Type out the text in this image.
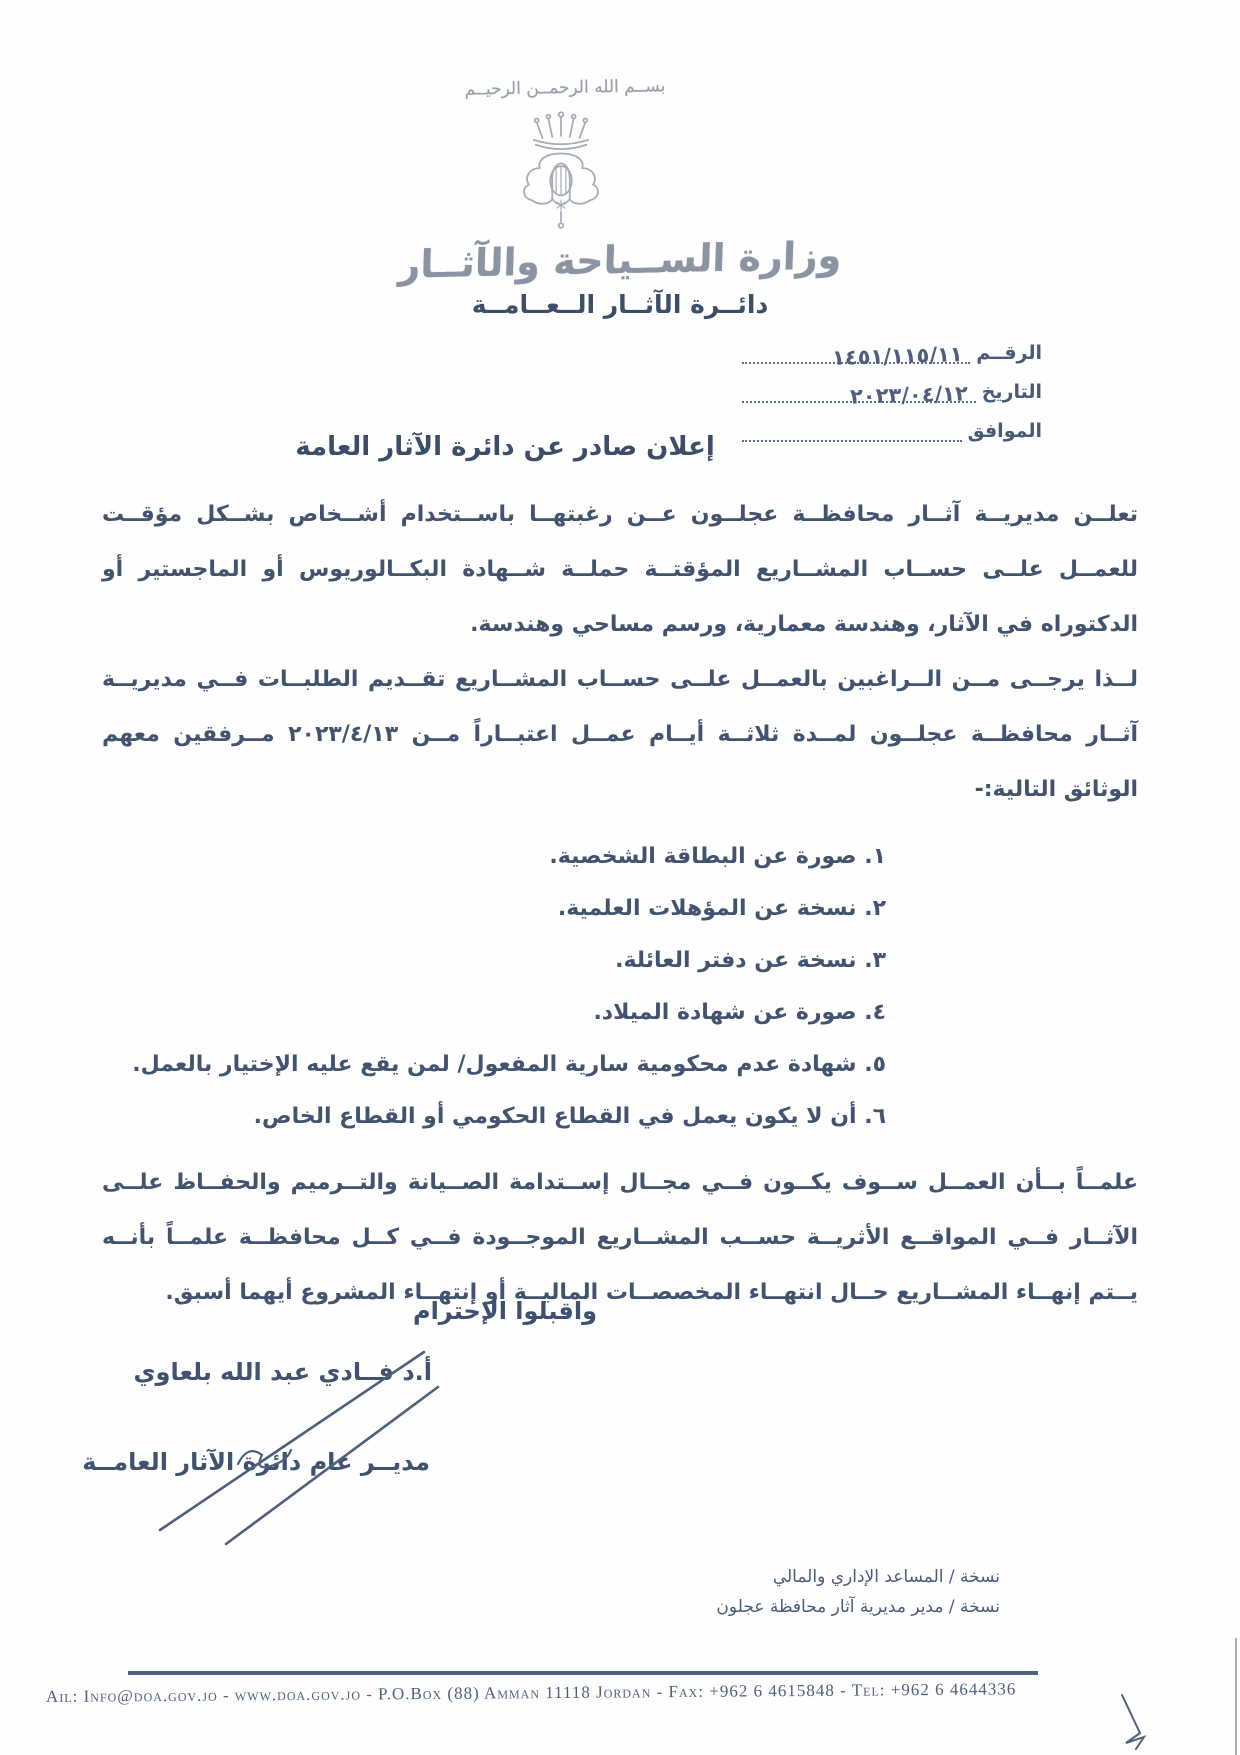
بســم الله الرحمــن الرحيــم
وزارة الســياحة والآثــار
دائــرة الآثــار الــعــامــة
الرقــم
١٤٥١/١١٥/١١
التاريخ
٢٠٢٣/٠٤/١٢
الموافق
إعلان صادر عن دائرة الآثار العامة

تعلــن مديريــة آثــار محافظــة عجلــون عــن رغبتهــا باســتخدام أشــخاص بشــكل مؤقــت للعمــل علــى حســاب المشــاريع المؤقتــة حملــة شــهادة البكــالوريوس أو الماجستير أو الدكتوراه في الآثار، وهندسة معمارية، ورسم مساحي وهندسة.

لــذا يرجــى مــن الــراغبين بالعمــل علــى حســاب المشــاريع تقــديم الطلبــات فــي مديريــة آثــار محافظــة عجلــون لمــدة ثلاثــة أيــام عمــل اعتبــاراً مــن ٢٠٢٣/٤/١٣ مــرفقين معهم الوثائق التالية:-

١. صورة عن البطاقة الشخصية.
٢. نسخة عن المؤهلات العلمية.
٣. نسخة عن دفتر العائلة.
٤. صورة عن شهادة الميلاد.
٥. شهادة عدم محكومية سارية المفعول/ لمن يقع عليه الإختيار بالعمل.
٦. أن لا يكون يعمل في القطاع الحكومي أو القطاع الخاص.

علمــاً بــأن العمــل ســوف يكــون فــي مجــال إســتدامة الصــيانة والتــرميم والحفــاظ علــى الآثــار فــي المواقــع الأثريــة حســب المشــاريع الموجــودة فــي كــل محافظــة علمــاً بأنــه يــتم إنهــاء المشــاريع حــال انتهــاء المخصصــات الماليــة أو إنتهــاء المشروع أيهما أسبق.

واقبلوا الإحترام
أ.د فــادي عبد الله بلعاوي
مديــر عام دائرة الآثار العامــة
نسخة / المساعد الإداري والمالي
نسخة / مدير مديرية آثار محافظة عجلون
Ail: Info@doa.gov.jo - www.doa.gov.jo - P.O.Box (88) Amman 11118 Jordan - Fax: +962 6 4615848 - Tel: +962 6 4644336
